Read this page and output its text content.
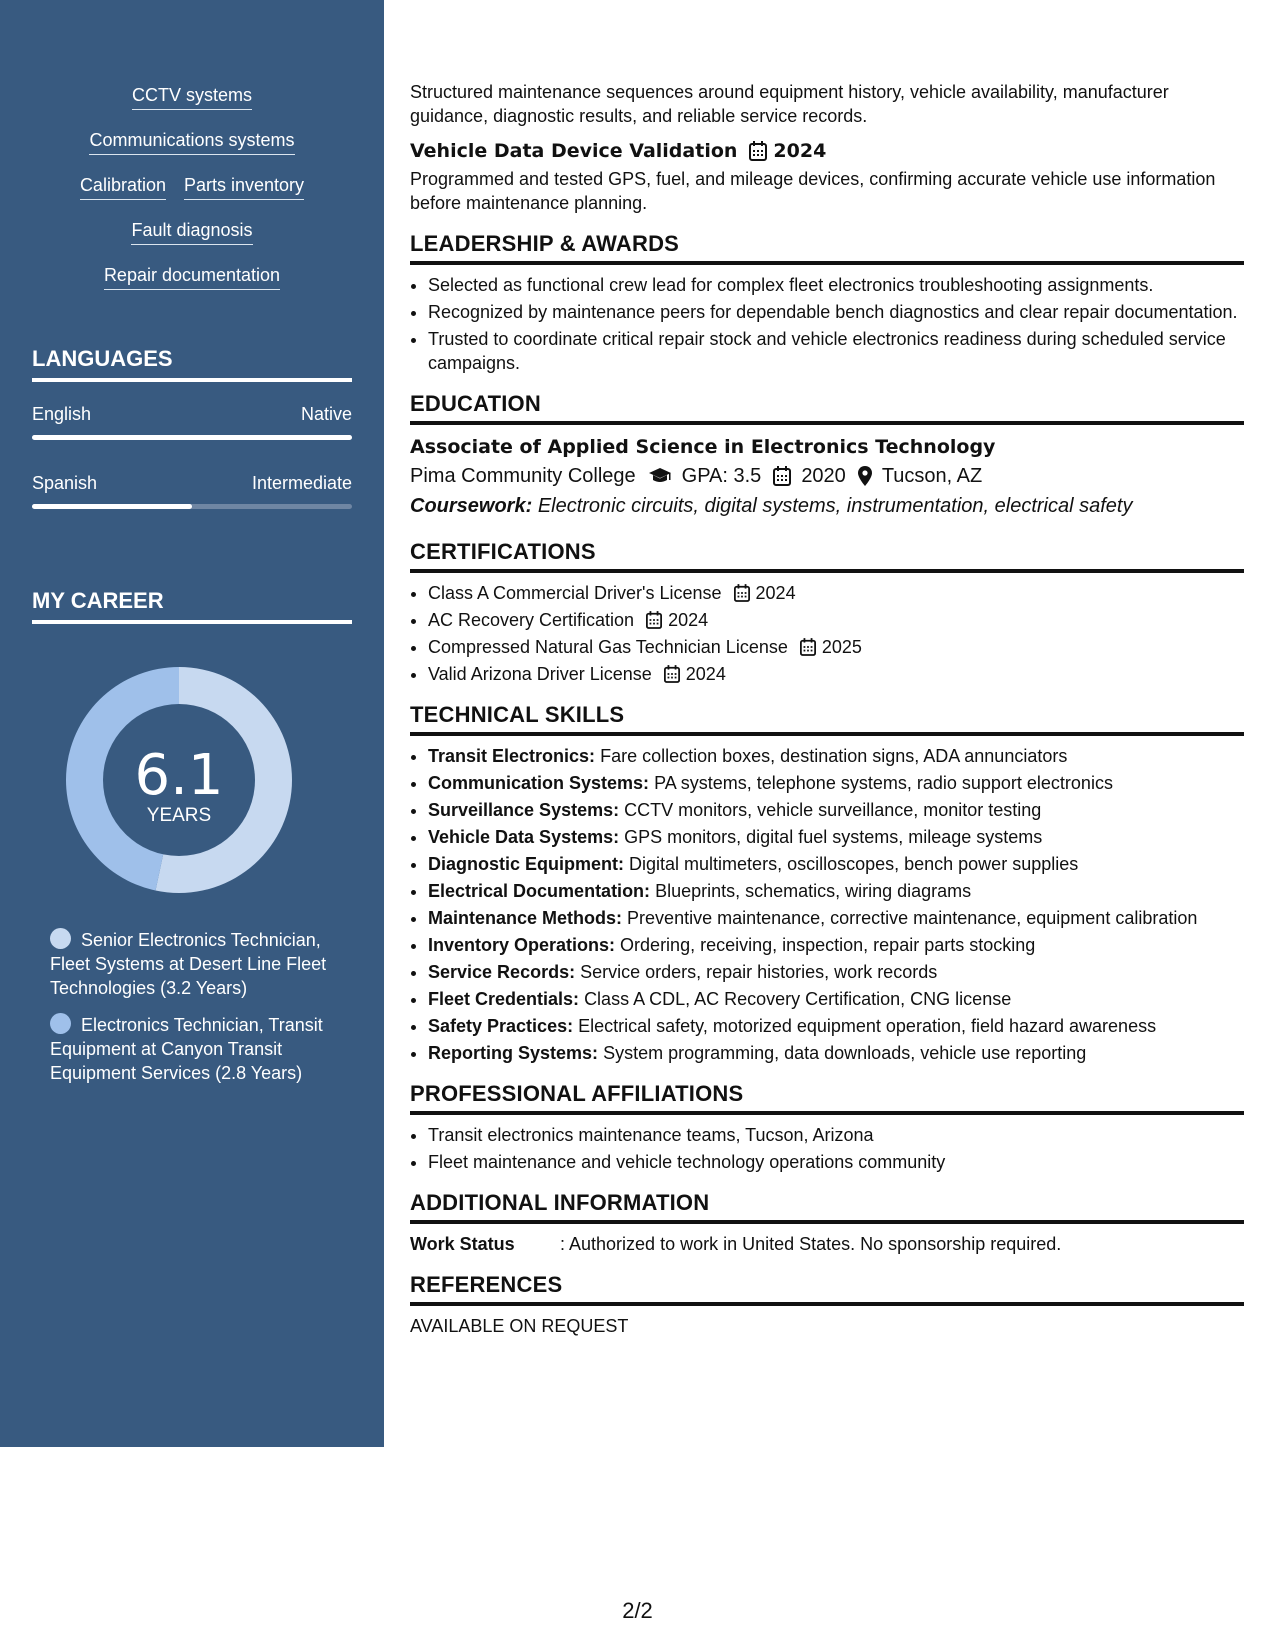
CCTV systems
Communications systems
Calibration Parts inventory
Fault diagnosis
Repair documentation
LANGUAGES
English	Native
Spanish	Intermediate
MY CAREER
6.1
YEARS
Senior Electronics Technician, Fleet Systems at Desert Line Fleet Technologies (3.2 Years)
Electronics Technician, Transit Equipment at Canyon Transit Equipment Services (2.8 Years)

Structured maintenance sequences around equipment history, vehicle availability, manufacturer guidance, diagnostic results, and reliable service records.

Vehicle Data Device Validation 2024

Programmed and tested GPS, fuel, and mileage devices, confirming accurate vehicle use information before maintenance planning.

LEADERSHIP & AWARDS
• Selected as functional crew lead for complex fleet electronics troubleshooting assignments.
• Recognized by maintenance peers for dependable bench diagnostics and clear repair documentation.
• Trusted to coordinate critical repair stock and vehicle electronics readiness during scheduled service campaigns.
EDUCATION
Associate of Applied Science in Electronics Technology
Pima Community College GPA: 3.5 2020 Tucson, AZ
Coursework: Electronic circuits, digital systems, instrumentation, electrical safety
CERTIFICATIONS
• Class A Commercial Driver's License 2024
• AC Recovery Certification 2024
• Compressed Natural Gas Technician License 2025
• Valid Arizona Driver License 2024
TECHNICAL SKILLS
• Transit Electronics: Fare collection boxes, destination signs, ADA annunciators
• Communication Systems: PA systems, telephone systems, radio support electronics
• Surveillance Systems: CCTV monitors, vehicle surveillance, monitor testing
• Vehicle Data Systems: GPS monitors, digital fuel systems, mileage systems
• Diagnostic Equipment: Digital multimeters, oscilloscopes, bench power supplies
• Electrical Documentation: Blueprints, schematics, wiring diagrams
• Maintenance Methods: Preventive maintenance, corrective maintenance, equipment calibration
• Inventory Operations: Ordering, receiving, inspection, repair parts stocking
• Service Records: Service orders, repair histories, work records
• Fleet Credentials: Class A CDL, AC Recovery Certification, CNG license
• Safety Practices: Electrical safety, motorized equipment operation, field hazard awareness
• Reporting Systems: System programming, data downloads, vehicle use reporting
PROFESSIONAL AFFILIATIONS
• Transit electronics maintenance teams, Tucson, Arizona
• Fleet maintenance and vehicle technology operations community
ADDITIONAL INFORMATION
Work Status	: Authorized to work in United States. No sponsorship required.
REFERENCES
AVAILABLE ON REQUEST
2/2
